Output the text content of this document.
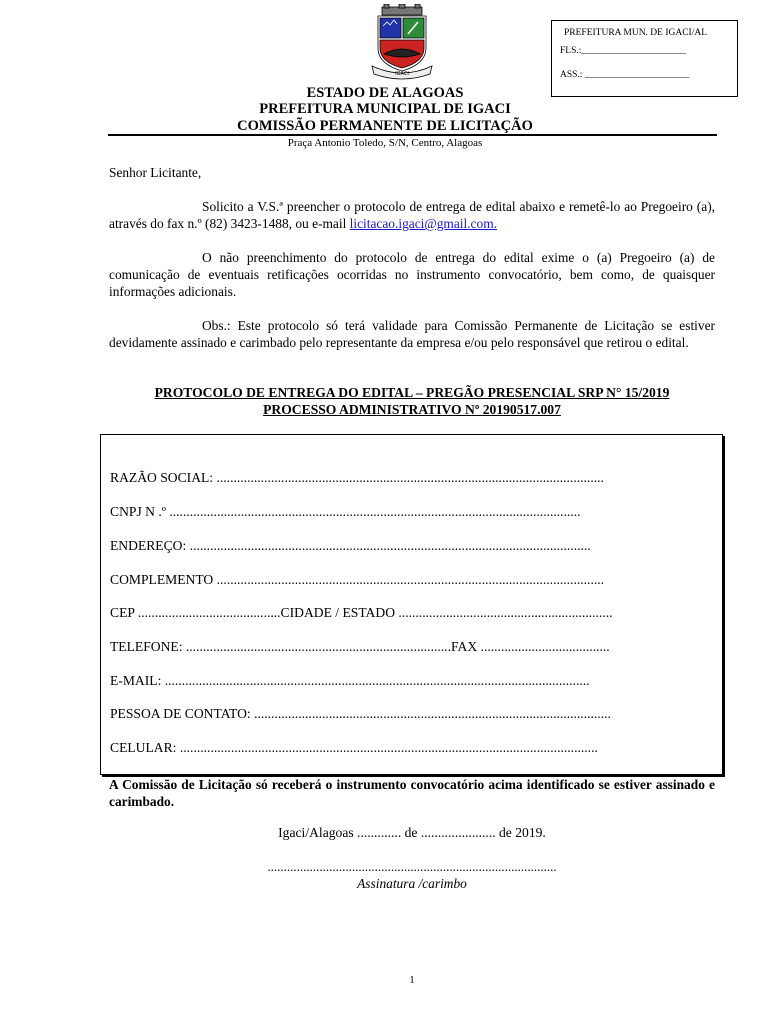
IGACI
PREFEITURA MUN. DE IGACI/AL
FLS.:______________________
ASS.: ______________________
ESTADO DE ALAGOAS
PREFEITURA MUNICIPAL DE IGACI
COMISSÃO PERMANENTE DE LICITAÇÃO
Praça Antonio Toledo, S/N, Centro, Alagoas
Senhor Licitante,
Solicito a V.S.ª preencher o protocolo de entrega de edital abaixo e remetê-lo ao Pregoeiro (a), através do fax n.º (82) 3423-1488, ou e-mail licitacao.igaci@gmail.com.
O não preenchimento do protocolo de entrega do edital exime o (a) Pregoeiro (a) de comunicação de eventuais retificações ocorridas no instrumento convocatório, bem como, de quaisquer informações adicionais.
Obs.: Este protocolo só terá validade para Comissão Permanente de Licitação se estiver devidamente assinado e carimbado pelo representante da empresa e/ou pelo responsável que retirou o edital.
PROTOCOLO DE ENTREGA DO EDITAL – PREGÃO PRESENCIAL SRP N° 15/2019
PROCESSO ADMINISTRATIVO Nº 20190517.007
RAZÃO SOCIAL: ..................................................................................................................
CNPJ N .º .........................................................................................................................
ENDEREÇO: ......................................................................................................................
COMPLEMENTO ..................................................................................................................
CEP ..........................................CIDADE / ESTADO ...............................................................
TELEFONE: ..............................................................................FAX ......................................
E-MAIL: .............................................................................................................................
PESSOA DE CONTATO: .........................................................................................................
CELULAR: ...........................................................................................................................
A Comissão de Licitação só receberá o instrumento convocatório acima identificado se estiver assinado e carimbado.
Igaci/Alagoas ............. de ...................... de 2019.
.........................................................................................
Assinatura /carimbo
1
